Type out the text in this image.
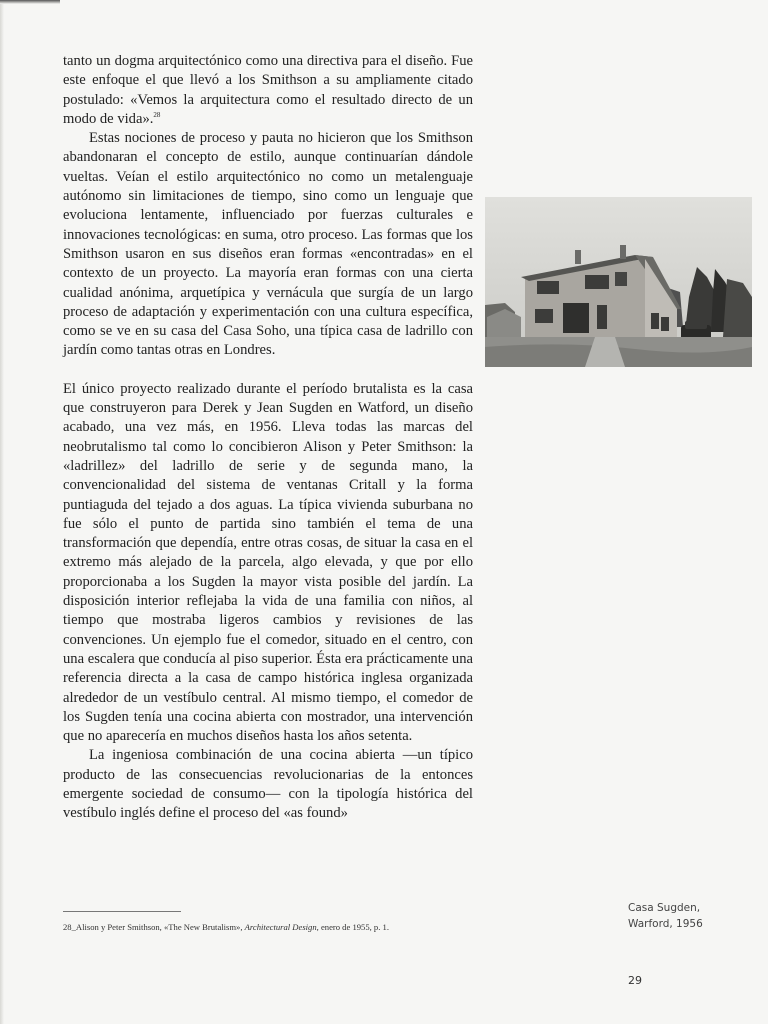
tanto un dogma arquitectónico como una directiva para el diseño. Fue este enfoque el que llevó a los Smithson a su ampliamente citado postulado: «Vemos la arquitectura como el resultado directo de un modo de vida».$^{28}$

Estas nociones de proceso y pauta no hicieron que los Smithson abandonaran el concepto de estilo, aunque continuarían dándole vueltas. Veían el estilo arquitectónico no como un metalenguaje autónomo sin limitaciones de tiempo, sino como un lenguaje que evoluciona lentamente, influenciado por fuerzas culturales e innovaciones tecnológicas: en suma, otro proceso. Las formas que los Smithson usaron en sus diseños eran formas «encontradas» en el contexto de un proyecto. La mayoría eran formas con una cierta cualidad anónima, arquetípica y vernácula que surgía de un largo proceso de adaptación y experimentación con una cultura específica, como se ve en su casa del Casa Soho, una típica casa de ladrillo con jardín como tantas otras en Londres.

El único proyecto realizado durante el período brutalista es la casa que construyeron para Derek y Jean Sugden en Watford, un diseño acabado, una vez más, en 1956. Lleva todas las marcas del neobrutalismo tal como lo concibieron Alison y Peter Smithson: la «ladrillez» del ladrillo de serie y de segunda mano, la convencionalidad del sistema de ventanas Critall y la forma puntiaguda del tejado a dos aguas. La típica vivienda suburbana no fue sólo el punto de partida sino también el tema de una transformación que dependía, entre otras cosas, de situar la casa en el extremo más alejado de la parcela, algo elevada, y que por ello proporcionaba a los Sugden la mayor vista posible del jardín. La disposición interior reflejaba la vida de una familia con niños, al tiempo que mostraba ligeros cambios y revisiones de las convenciones. Un ejemplo fue el comedor, situado en el centro, con una escalera que conducía al piso superior. Ésta era prácticamente una referencia directa a la casa de campo histórica inglesa organizada alrededor de un vestíbulo central. Al mismo tiempo, el comedor de los Sugden tenía una cocina abierta con mostrador, una intervención que no aparecería en muchos diseños hasta los años setenta.

La ingeniosa combinación de una cocina abierta —un típico producto de las consecuencias revolucionarias de la entonces emergente sociedad de consumo— con la tipología histórica del vestíbulo inglés define el proceso del «as found»

28_Alison y Peter Smithson, «The New Brutalism», Architectural Design, enero de 1955, p. 1.
Casa Sugden,
Warford, 1956
29
